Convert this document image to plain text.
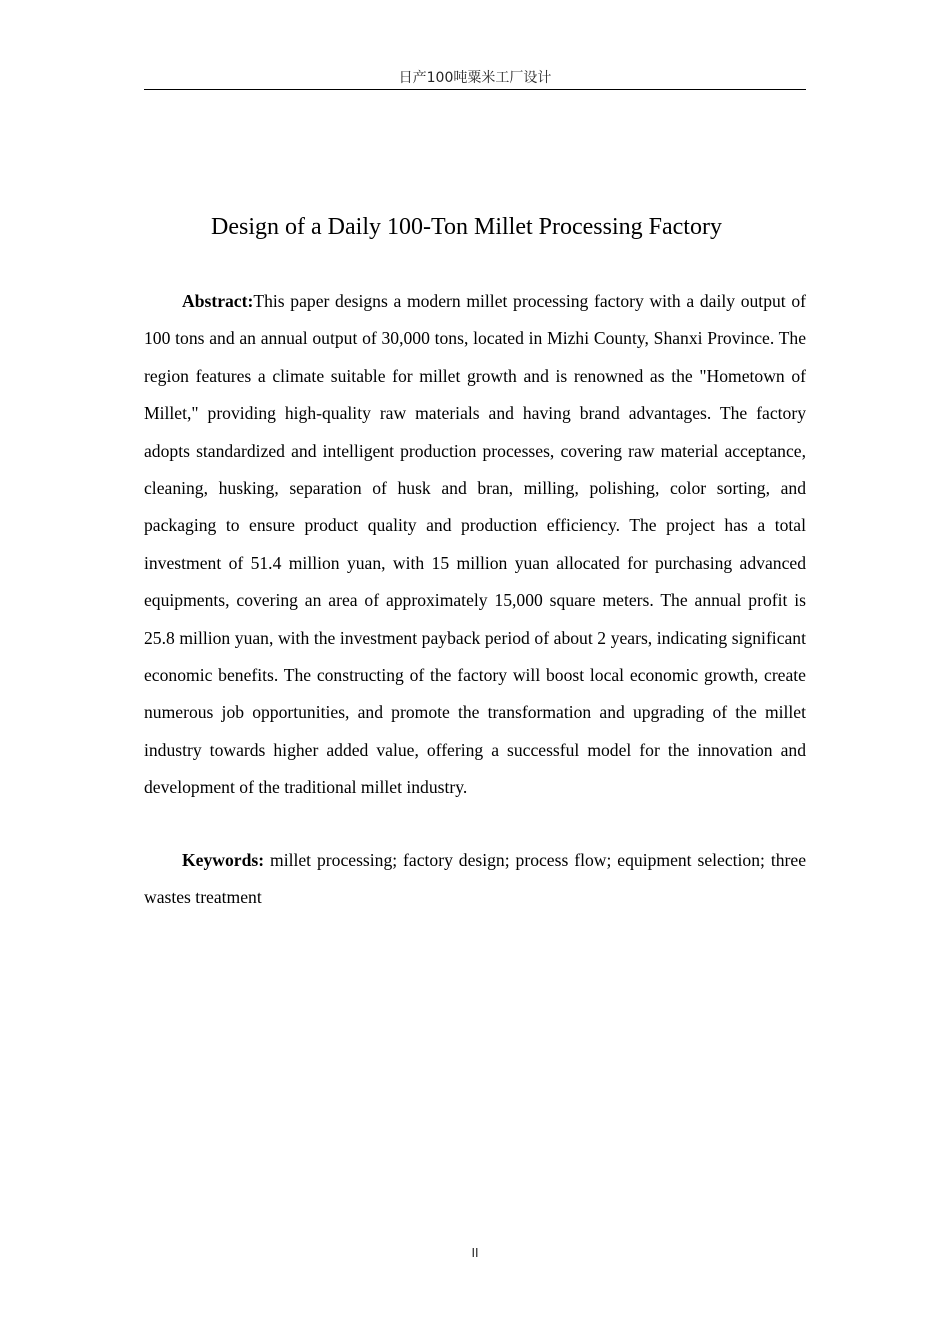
日产100吨粟米工厂设计
Design of a Daily 100-Ton Millet Processing Factory

Abstract:This paper designs a modern millet processing factory with a daily output of 100 tons and an annual output of 30,000 tons, located in Mizhi County, Shanxi Province. The region features a climate suitable for millet growth and is renowned as the "Hometown of Millet," providing high-quality raw materials and having brand advantages. The factory adopts standardized and intelligent production processes, covering raw material acceptance, cleaning, husking, separation of husk and bran, milling, polishing, color sorting, and packaging to ensure product quality and production efficiency. The project has a total investment of 51.4 million yuan, with 15 million yuan allocated for purchasing advanced equipments, covering an area of approximately 15,000 square meters. The annual profit is 25.8 million yuan, with the investment payback period of about 2 years, indicating significant economic benefits. The constructing of the factory will boost local economic growth, create numerous job opportunities, and promote the transformation and upgrading of the millet industry towards higher added value, offering a successful model for the innovation and development of the traditional millet industry.

Keywords: millet processing; factory design; process flow; equipment selection; three wastes treatment

II
